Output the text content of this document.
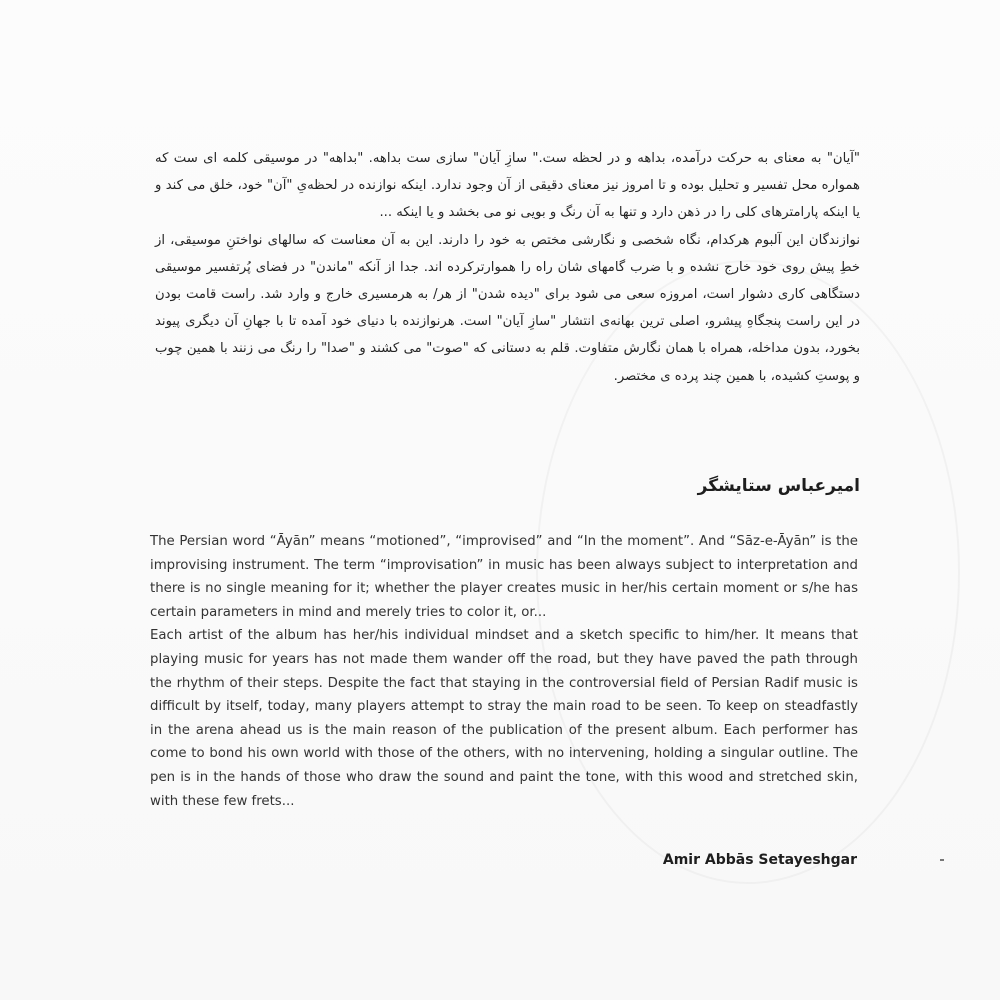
"آیان" به معنای به حرکت درآمده، بداهه و در لحظه ست." سازِ آیان" سازی ست بداهه. "بداهه" در موسیقی کلمه ای ست که همواره محل تفسیر و تحلیل بوده و تا امروز نیز معنای دقیقی از آن وجود ندارد. اینکه نوازنده در لحظه‌یِ "آن" خود، خلق می کند و یا اینکه پارامترهای کلی را در ذهن دارد و تنها به آن رنگ و بویی نو می بخشد و یا اینکه ...

نوازندگان این آلبوم هرکدام، نگاه شخصی و نگارشی مختص به خود را دارند. این به آن معناست که سالهای نواختنِ موسیقی، از خطِ پیش روی خود خارج نشده و با ضرب گامهای شان راه را هموارترکرده اند. جدا از آنکه "ماندن" در فضای پُرتفسیر موسیقی دستگاهی کاری دشوار است، امروزه سعی می شود برای "دیده شدن" از هر/ به هرمسیری خارج و وارد شد. راست قامت بودن در این راست پنجگاهِ پیشرو، اصلی ترین بهانه‌ی انتشار "سازِ آیان" است. هرنوازنده با دنیای خود آمده تا با جهانِ آن دیگری پیوند بخورد، بدون مداخله، همراه با همان نگارش متفاوت. قلم به دستانی که "صوت" می کشند و "صدا" را رنگ می زنند با همین چوب و پوستِ کشیده، با همین چند پرده ی مختصر.

امیرعباس ستایشگر

The Persian word “Āyān” means “motioned”, “improvised” and “In the moment”. And “Sāz-e-Āyān” is the improvising instrument. The term “improvisation” in music has been always subject to interpretation and there is no single meaning for it; whether the player creates music in her/his certain moment or s/he has certain parameters in mind and merely tries to color it, or...

Each artist of the album has her/his individual mindset and a sketch specific to him/her. It means that playing music for years has not made them wander off the road, but they have paved the path through the rhythm of their steps. Despite the fact that staying in the controversial field of Persian Radif music is difficult by itself, today, many players attempt to stray the main road to be seen. To keep on steadfastly in the arena ahead us is the main reason of the publication of the present album. Each performer has come to bond his own world with those of the others, with no intervening, holding a singular outline. The pen is in the hands of those who draw the sound and paint the tone, with this wood and stretched skin, with these few frets...

Amir Abbās Setayeshgar
